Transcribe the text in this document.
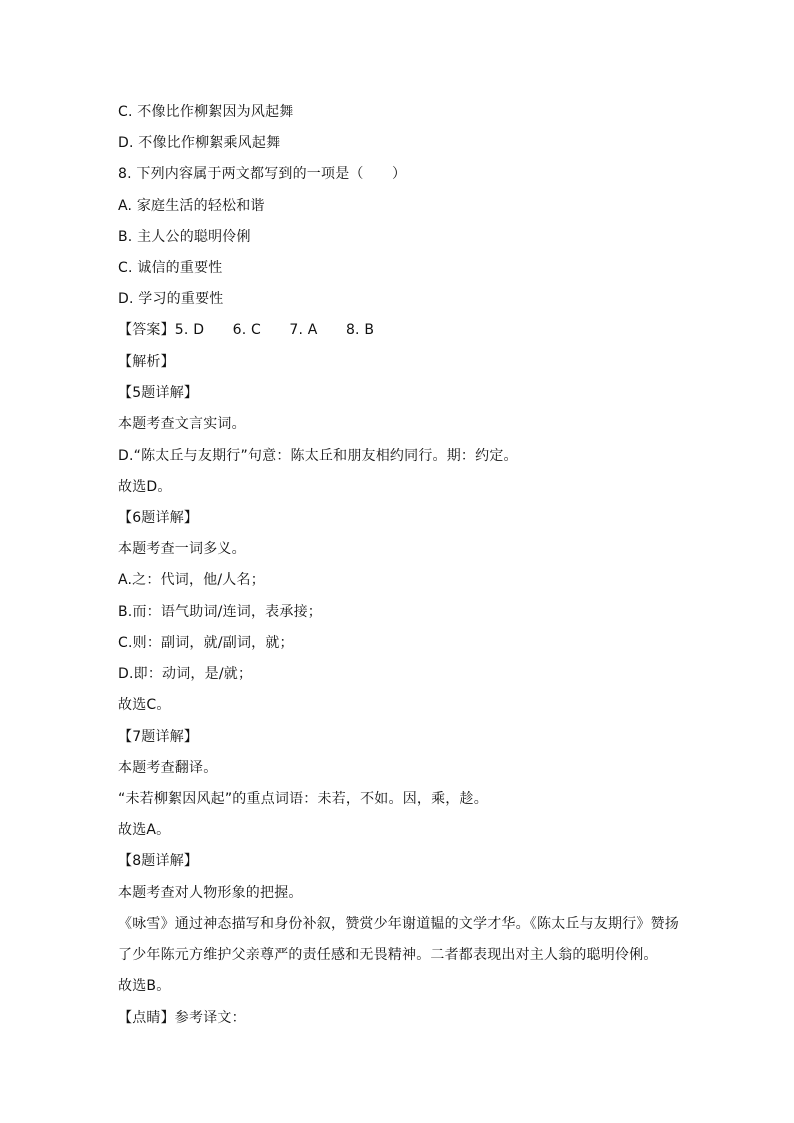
C. 不像比作柳絮因为风起舞
D. 不像比作柳絮乘风起舞
8. 下列内容属于两文都写到的一项是（　　）
A. 家庭生活的轻松和谐
B. 主人公的聪明伶俐
C. 诚信的重要性
D. 学习的重要性
【答案】5. D　　6. C　　7. A　　8. B
【解析】
【5题详解】
本题考查文言实词。
D.“陈太丘与友期行”句意：陈太丘和朋友相约同行。期：约定。
故选D。
【6题详解】
本题考查一词多义。
A.之：代词，他/人名；
B.而：语气助词/连词，表承接；
C.则：副词，就/副词，就；
D.即：动词，是/就；
故选C。
【7题详解】
本题考查翻译。
“未若柳絮因风起”的重点词语：未若，不如。因，乘，趁。
故选A。
【8题详解】
本题考查对人物形象的把握。
《咏雪》通过神态描写和身份补叙，赞赏少年谢道韫的文学才华。《陈太丘与友期行》赞扬
了少年陈元方维护父亲尊严的责任感和无畏精神。二者都表现出对主人翁的聪明伶俐。
故选B。
【点睛】参考译文：
